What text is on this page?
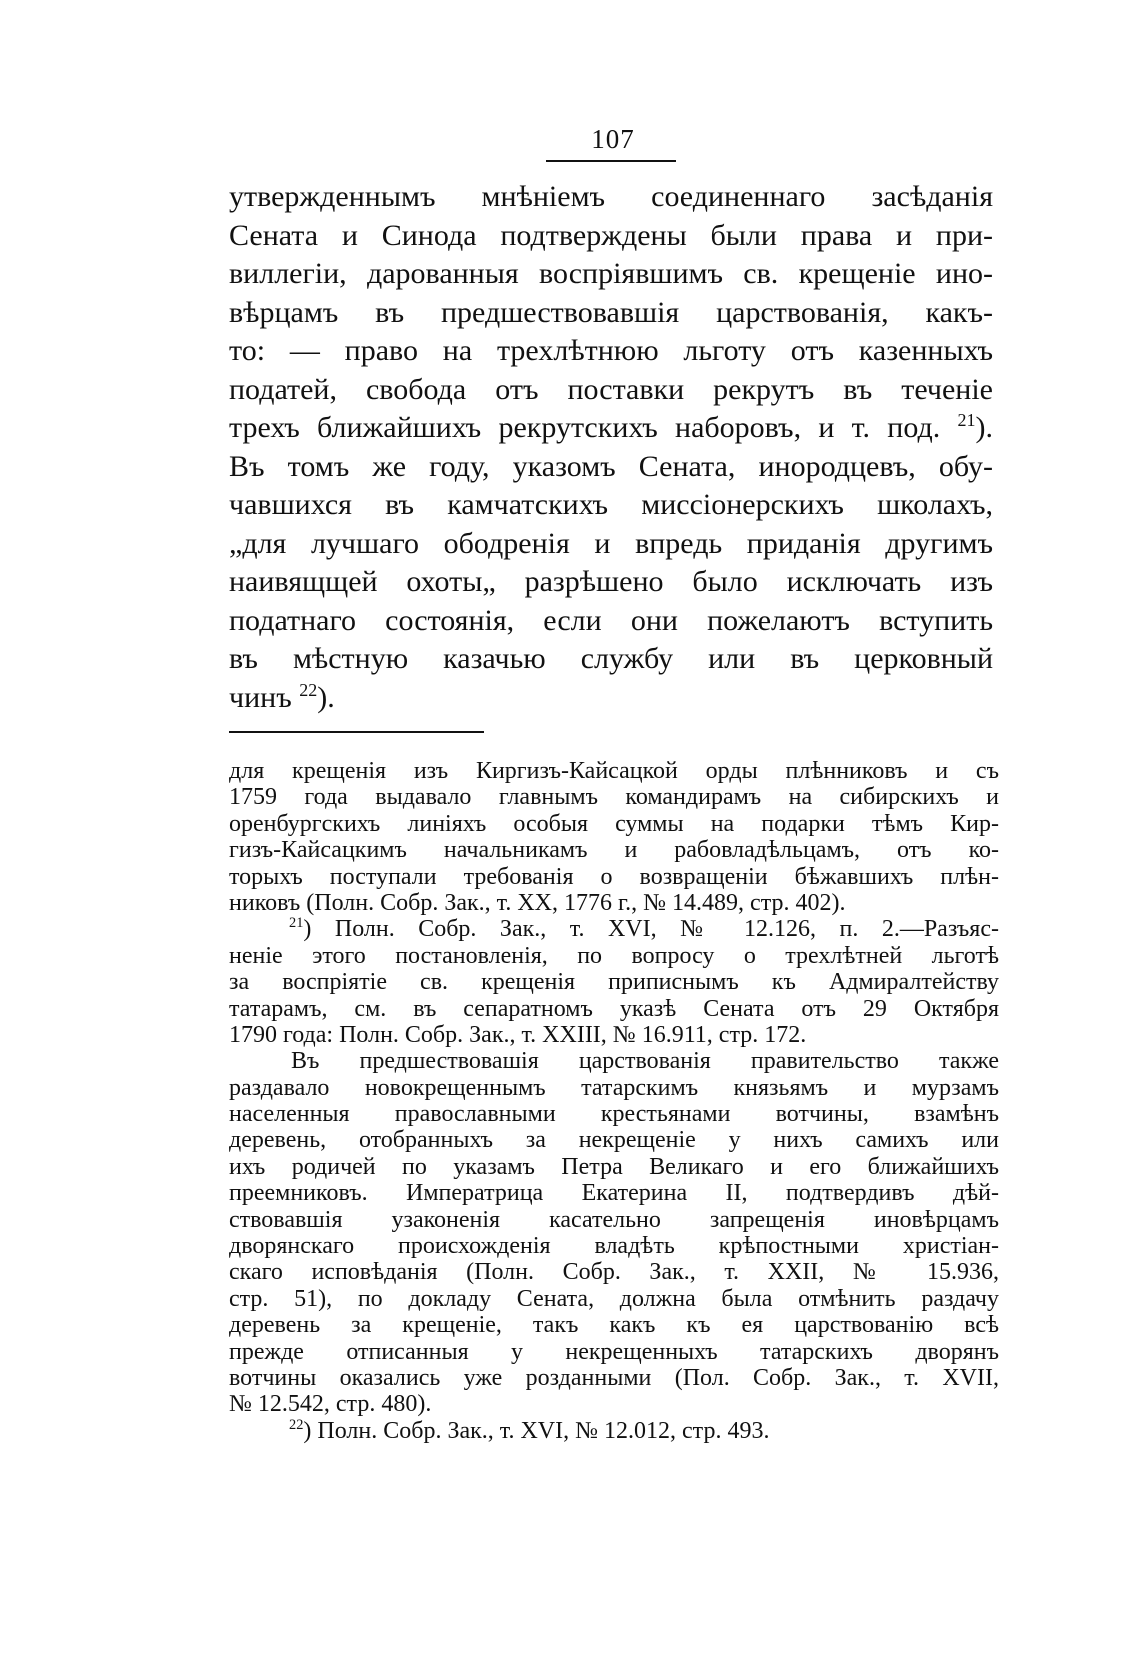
107
утвержденнымъ мнѣніемъ соединеннаго засѣданія
Сената и Синода подтверждены были права и при-
виллегіи, дарованныя воспріявшимъ св. крещеніе ино-
вѣрцамъ въ предшествовавшія царствованія, какъ-
то: — право на трехлѣтнюю льготу отъ казенныхъ
податей, свобода отъ поставки рекрутъ въ теченіе
трехъ ближайшихъ рекрутскихъ наборовъ, и т. под. $^{21}$).
Въ томъ же году, указомъ Сената, инородцевъ, обу-
чавшихся въ камчатскихъ миссіонерскихъ школахъ,
„для лучшаго ободренія и впредь приданія другимъ
наивящщей охоты„ разрѣшено было исключать изъ
податнаго состоянія, если они пожелаютъ вступить
въ мѣстную казачью службу или въ церковный
чинъ $^{22}$).
для крещенія изъ Киргизъ-Кайсацкой орды плѣнниковъ и съ
1759 года выдавало главнымъ командирамъ на сибирскихъ и
оренбургскихъ линіяхъ особыя суммы на подарки тѣмъ Кир-
гизъ-Кайсацкимъ начальникамъ и рабовладѣльцамъ, отъ ко-
торыхъ поступали требованія о возвращеніи бѣжавшихъ плѣн-
никовъ (Полн. Собр. Зак., т. XX, 1776 г., № 14.489, стр. 402).
$^{21}$) Полн. Собр. Зак., т. XVI, № 12.126, п. 2.—Разъяс-
неніе этого постановленія, по вопросу о трехлѣтней льготѣ
за воспріятіе св. крещенія приписнымъ къ Адмиралтейству
татарамъ, см. въ сепаратномъ указѣ Сената отъ 29 Октября
1790 года: Полн. Собр. Зак., т. XXIII, № 16.911, стр. 172.
Въ предшествовашія царствованія правительство также
раздавало новокрещеннымъ татарскимъ князьямъ и мурзамъ
населенныя православными крестьянами вотчины, взамѣнъ
деревень, отобранныхъ за некрещеніе у нихъ самихъ или
ихъ родичей по указамъ Петра Великаго и его ближайшихъ
преемниковъ. Императрица Екатерина II, подтвердивъ дѣй-
ствовавшія узаконенія касательно запрещенія иновѣрцамъ
дворянскаго происхожденія владѣть крѣпостными христіан-
скаго исповѣданія (Полн. Собр. Зак., т. XXII, № 15.936,
стр. 51), по докладу Сената, должна была отмѣнить раздачу
деревень за крещеніе, такъ какъ къ ея царствованію всѣ
прежде отписанныя у некрещенныхъ татарскихъ дворянъ
вотчины оказались уже розданными (Пол. Собр. Зак., т. XVII,
№ 12.542, стр. 480).
$^{22}$) Полн. Собр. Зак., т. XVI, № 12.012, стр. 493.
